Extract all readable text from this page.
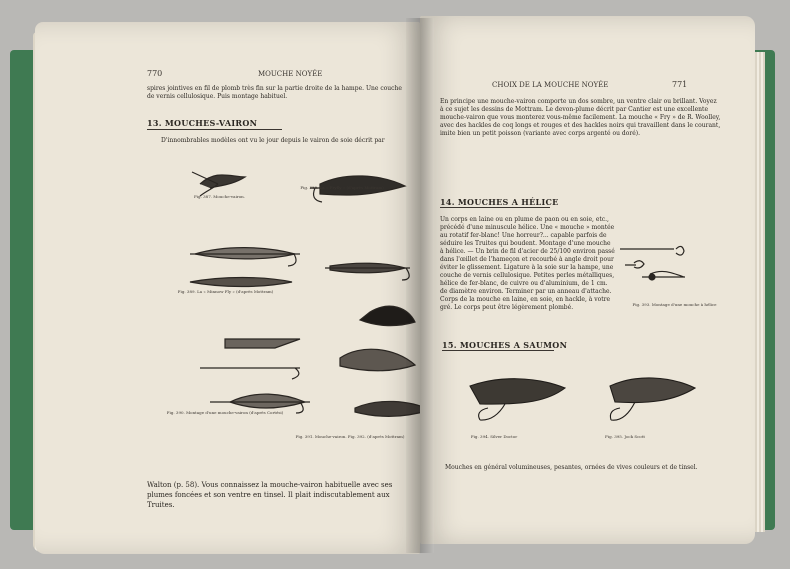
770	MOUCHE NOYÉE
spires jointives en fil de plomb très fin sur la partie droite de la hampe. Une couche de vernis cellulosique. Puis montage habituel.
13. MOUCHES-VAIRON
D'innombrables modèles ont vu le jour depuis le vairon de soie décrit par
Fig. 387. Mouche-vairon.
Fig. 388. La « Fryfly » (d'après Mottram)
Fig. 389. La « Minnow Fly » (d'après Mottram)
Fig. 390. Montage d'une mouche-vairon (d'après Cortési)
Fig. 391. Mouche-vairon. Fig. 392. (d'après Mottram)
Walton (p. 58). Vous connaissez la mouche-vairon habituelle avec ses plumes foncées et son ventre en tinsel. Il plait indiscutablement aux Truites.
CHOIX DE LA MOUCHE NOYÉE	771
En principe une mouche-vairon comporte un dos sombre, un ventre clair ou brillant. Voyez à ce sujet les dessins de Mottram. Le devon-plume décrit par Cantier est une excellente mouche-vairon que vous monterez vous-même facilement. La mouche « Fry » de R. Woolley, avec des hackles de coq longs et rouges et des hackles noirs qui travaillent dans le courant, imite bien un petit poisson (variante avec corps argenté ou doré).
14. MOUCHES A HÉLICE
Un corps en laine ou en plume de paon ou en soie, etc., précédé d'une minuscule hélice. Une « mouche » montée au rotatif fer-blanc! Une horreur?... capable parfois de séduire les Truites qui boudent. Montage d'une mouche à hélice. — Un brin de fil d'acier de 25/100 environ passé dans l'œillet de l'hameçon et recourbé à angle droit pour éviter le glissement. Ligature à la soie sur la hampe, une couche de vernis cellulosique. Petites perles métalliques, hélice de fer-blanc, de cuivre ou d'aluminium, de 1 cm. de diamètre environ. Terminer par un anneau d'attache. Corps de la mouche en laine, en soie, en hackle, à votre gré. Le corps peut être légèrement plombé.	Fig. 393. Montage d'une mouche à hélice
15. MOUCHES A SAUMON
Fig. 394. Silver Doctor	Fig. 395. Jock Scott
Mouches en général volumineuses, pesantes, ornées de vives couleurs et de tinsel.
